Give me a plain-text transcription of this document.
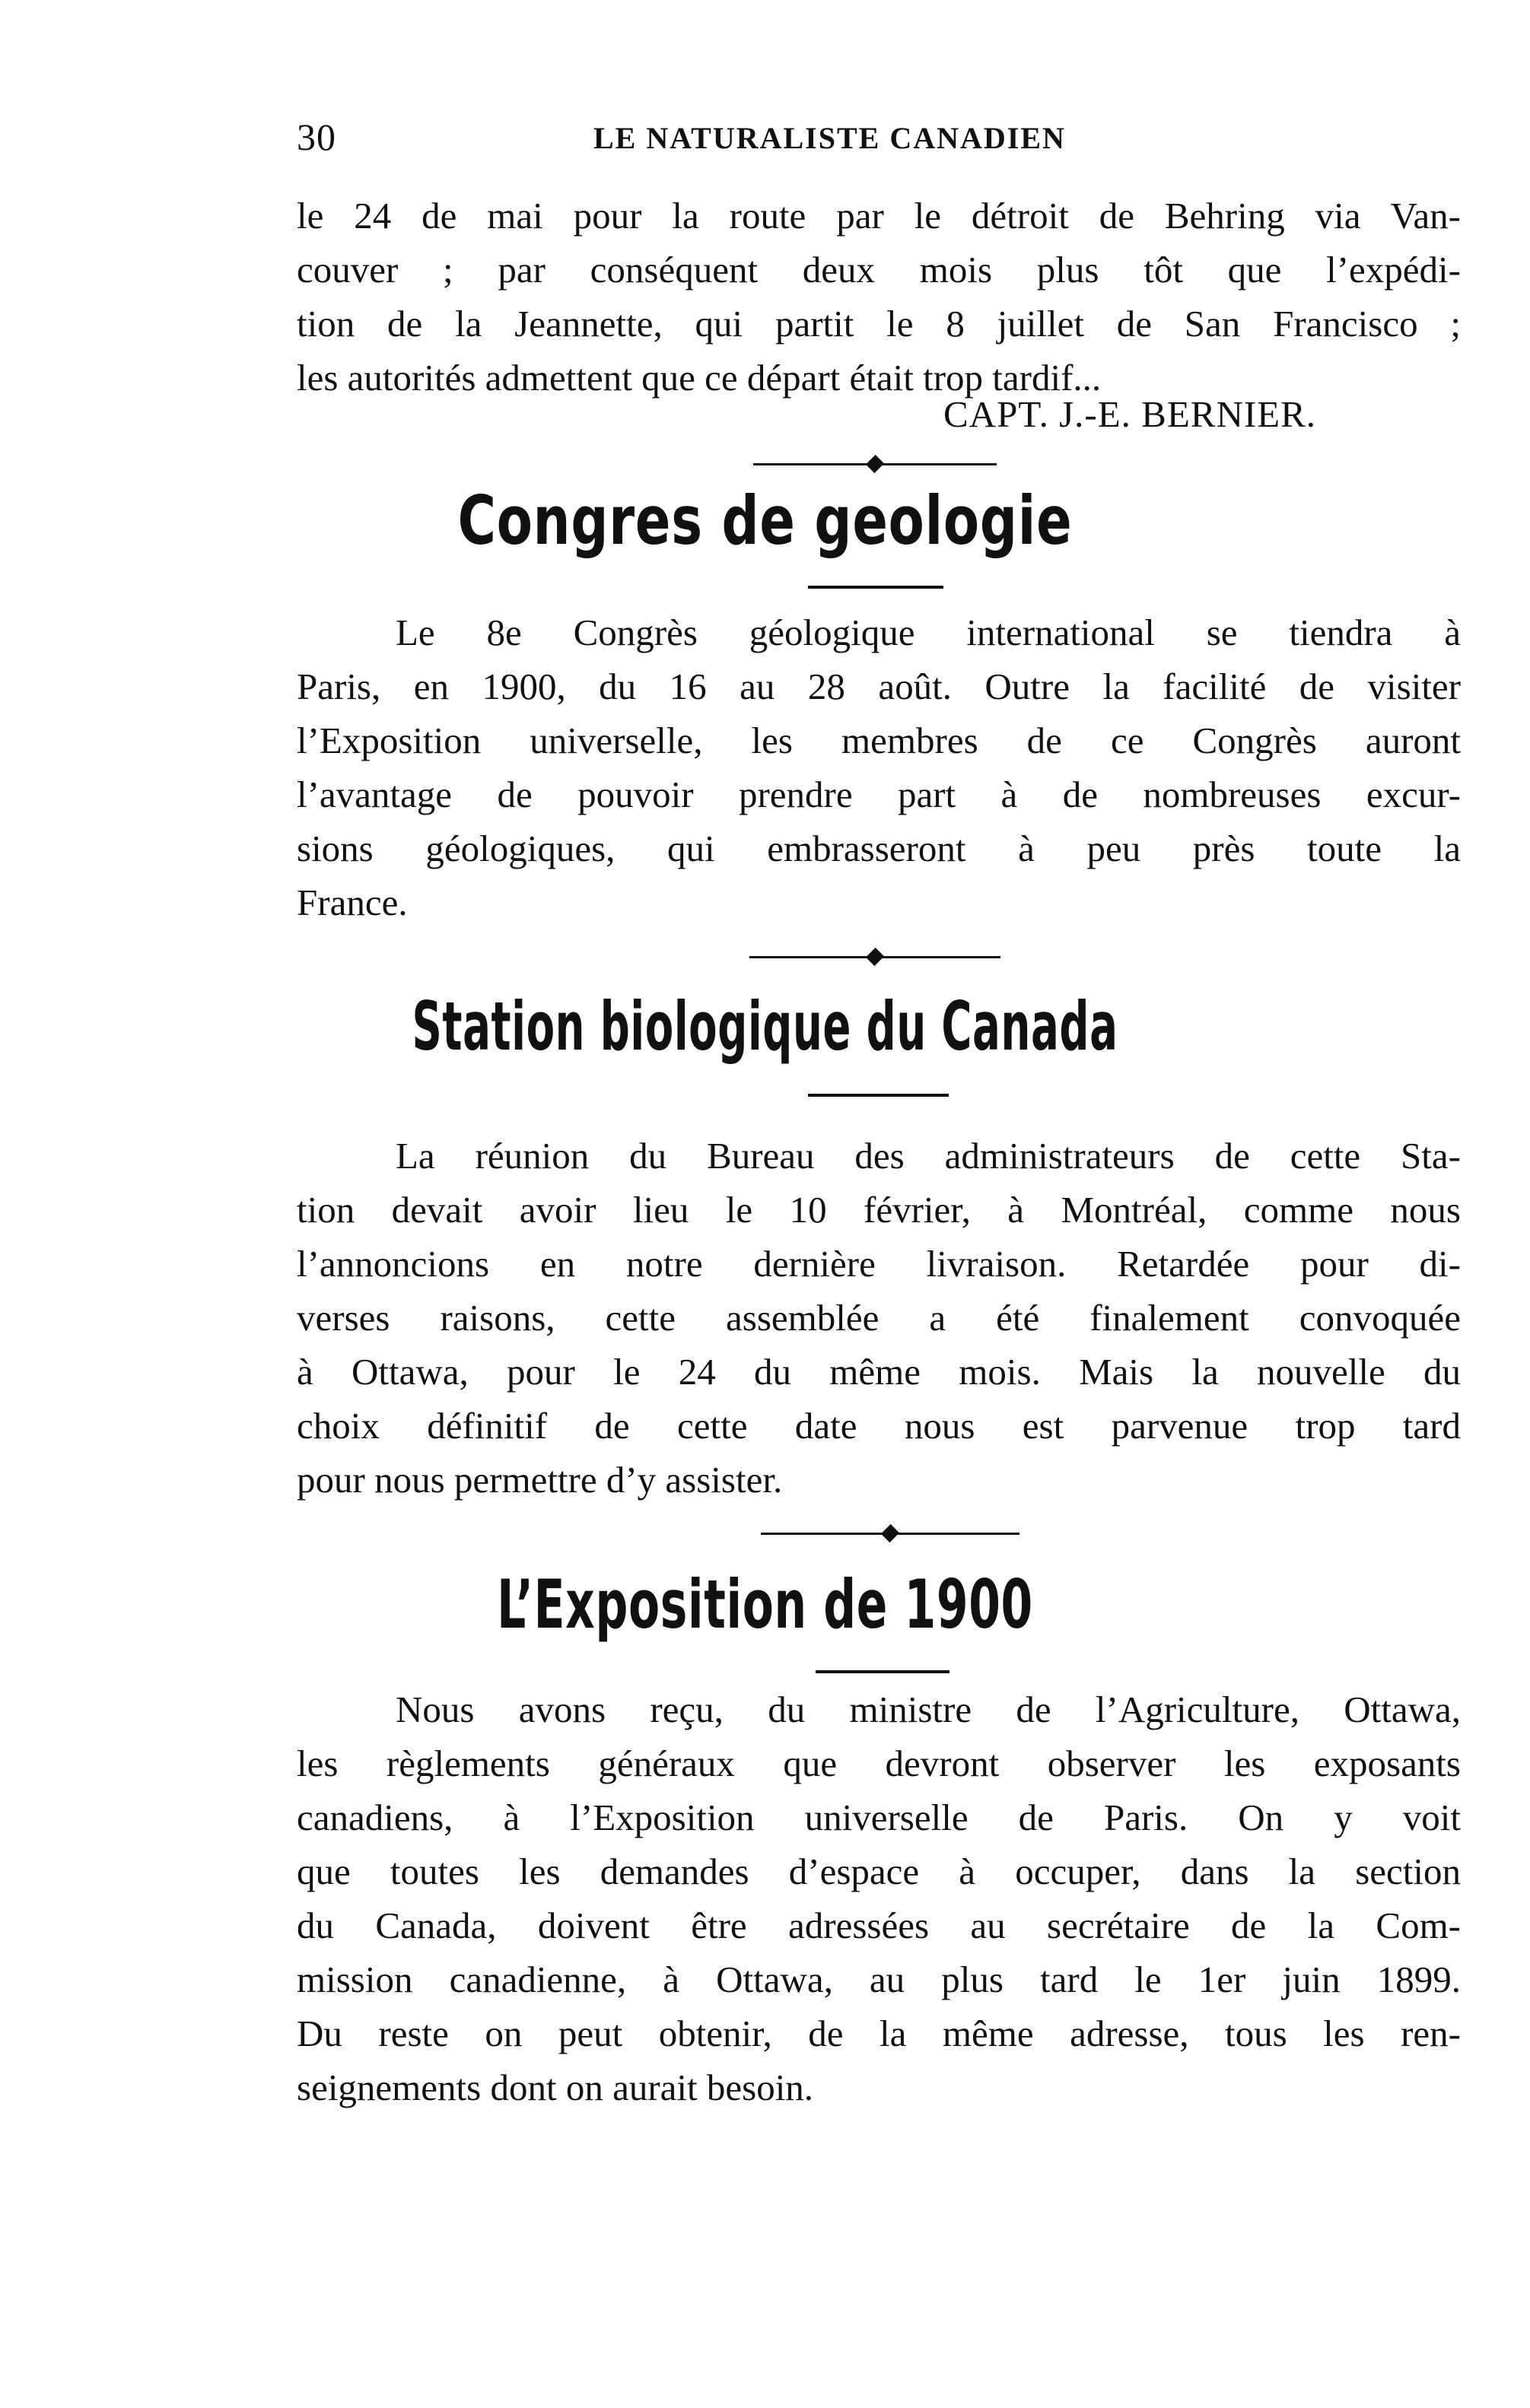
30	LE NATURALISTE CANADIEN
le 24 de mai pour la route par le détroit de Behring via Van-
couver ; par conséquent deux mois plus tôt que l’expédi-
tion de la Jeannette, qui partit le 8 juillet de San Francisco ;
les autorités admettent que ce départ était trop tardif...
CAPT. J.-E. BERNIER.
Congres de geologie
Le 8e Congrès géologique international se tiendra à
Paris, en 1900, du 16 au 28 août. Outre la facilité de visiter
l’Exposition universelle, les membres de ce Congrès auront
l’avantage de pouvoir prendre part à de nombreuses excur-
sions géologiques, qui embrasseront à peu près toute la
France.
Station biologique du Canada
La réunion du Bureau des administrateurs de cette Sta-
tion devait avoir lieu le 10 février, à Montréal, comme nous
l’annoncions en notre dernière livraison. Retardée pour di-
verses raisons, cette assemblée a été finalement convoquée
à Ottawa, pour le 24 du même mois. Mais la nouvelle du
choix définitif de cette date nous est parvenue trop tard
pour nous permettre d’y assister.
L’Exposition de 1900
Nous avons reçu, du ministre de l’Agriculture, Ottawa,
les règlements généraux que devront observer les exposants
canadiens, à l’Exposition universelle de Paris. On y voit
que toutes les demandes d’espace à occuper, dans la section
du Canada, doivent être adressées au secrétaire de la Com-
mission canadienne, à Ottawa, au plus tard le 1er juin 1899.
Du reste on peut obtenir, de la même adresse, tous les ren-
seignements dont on aurait besoin.
